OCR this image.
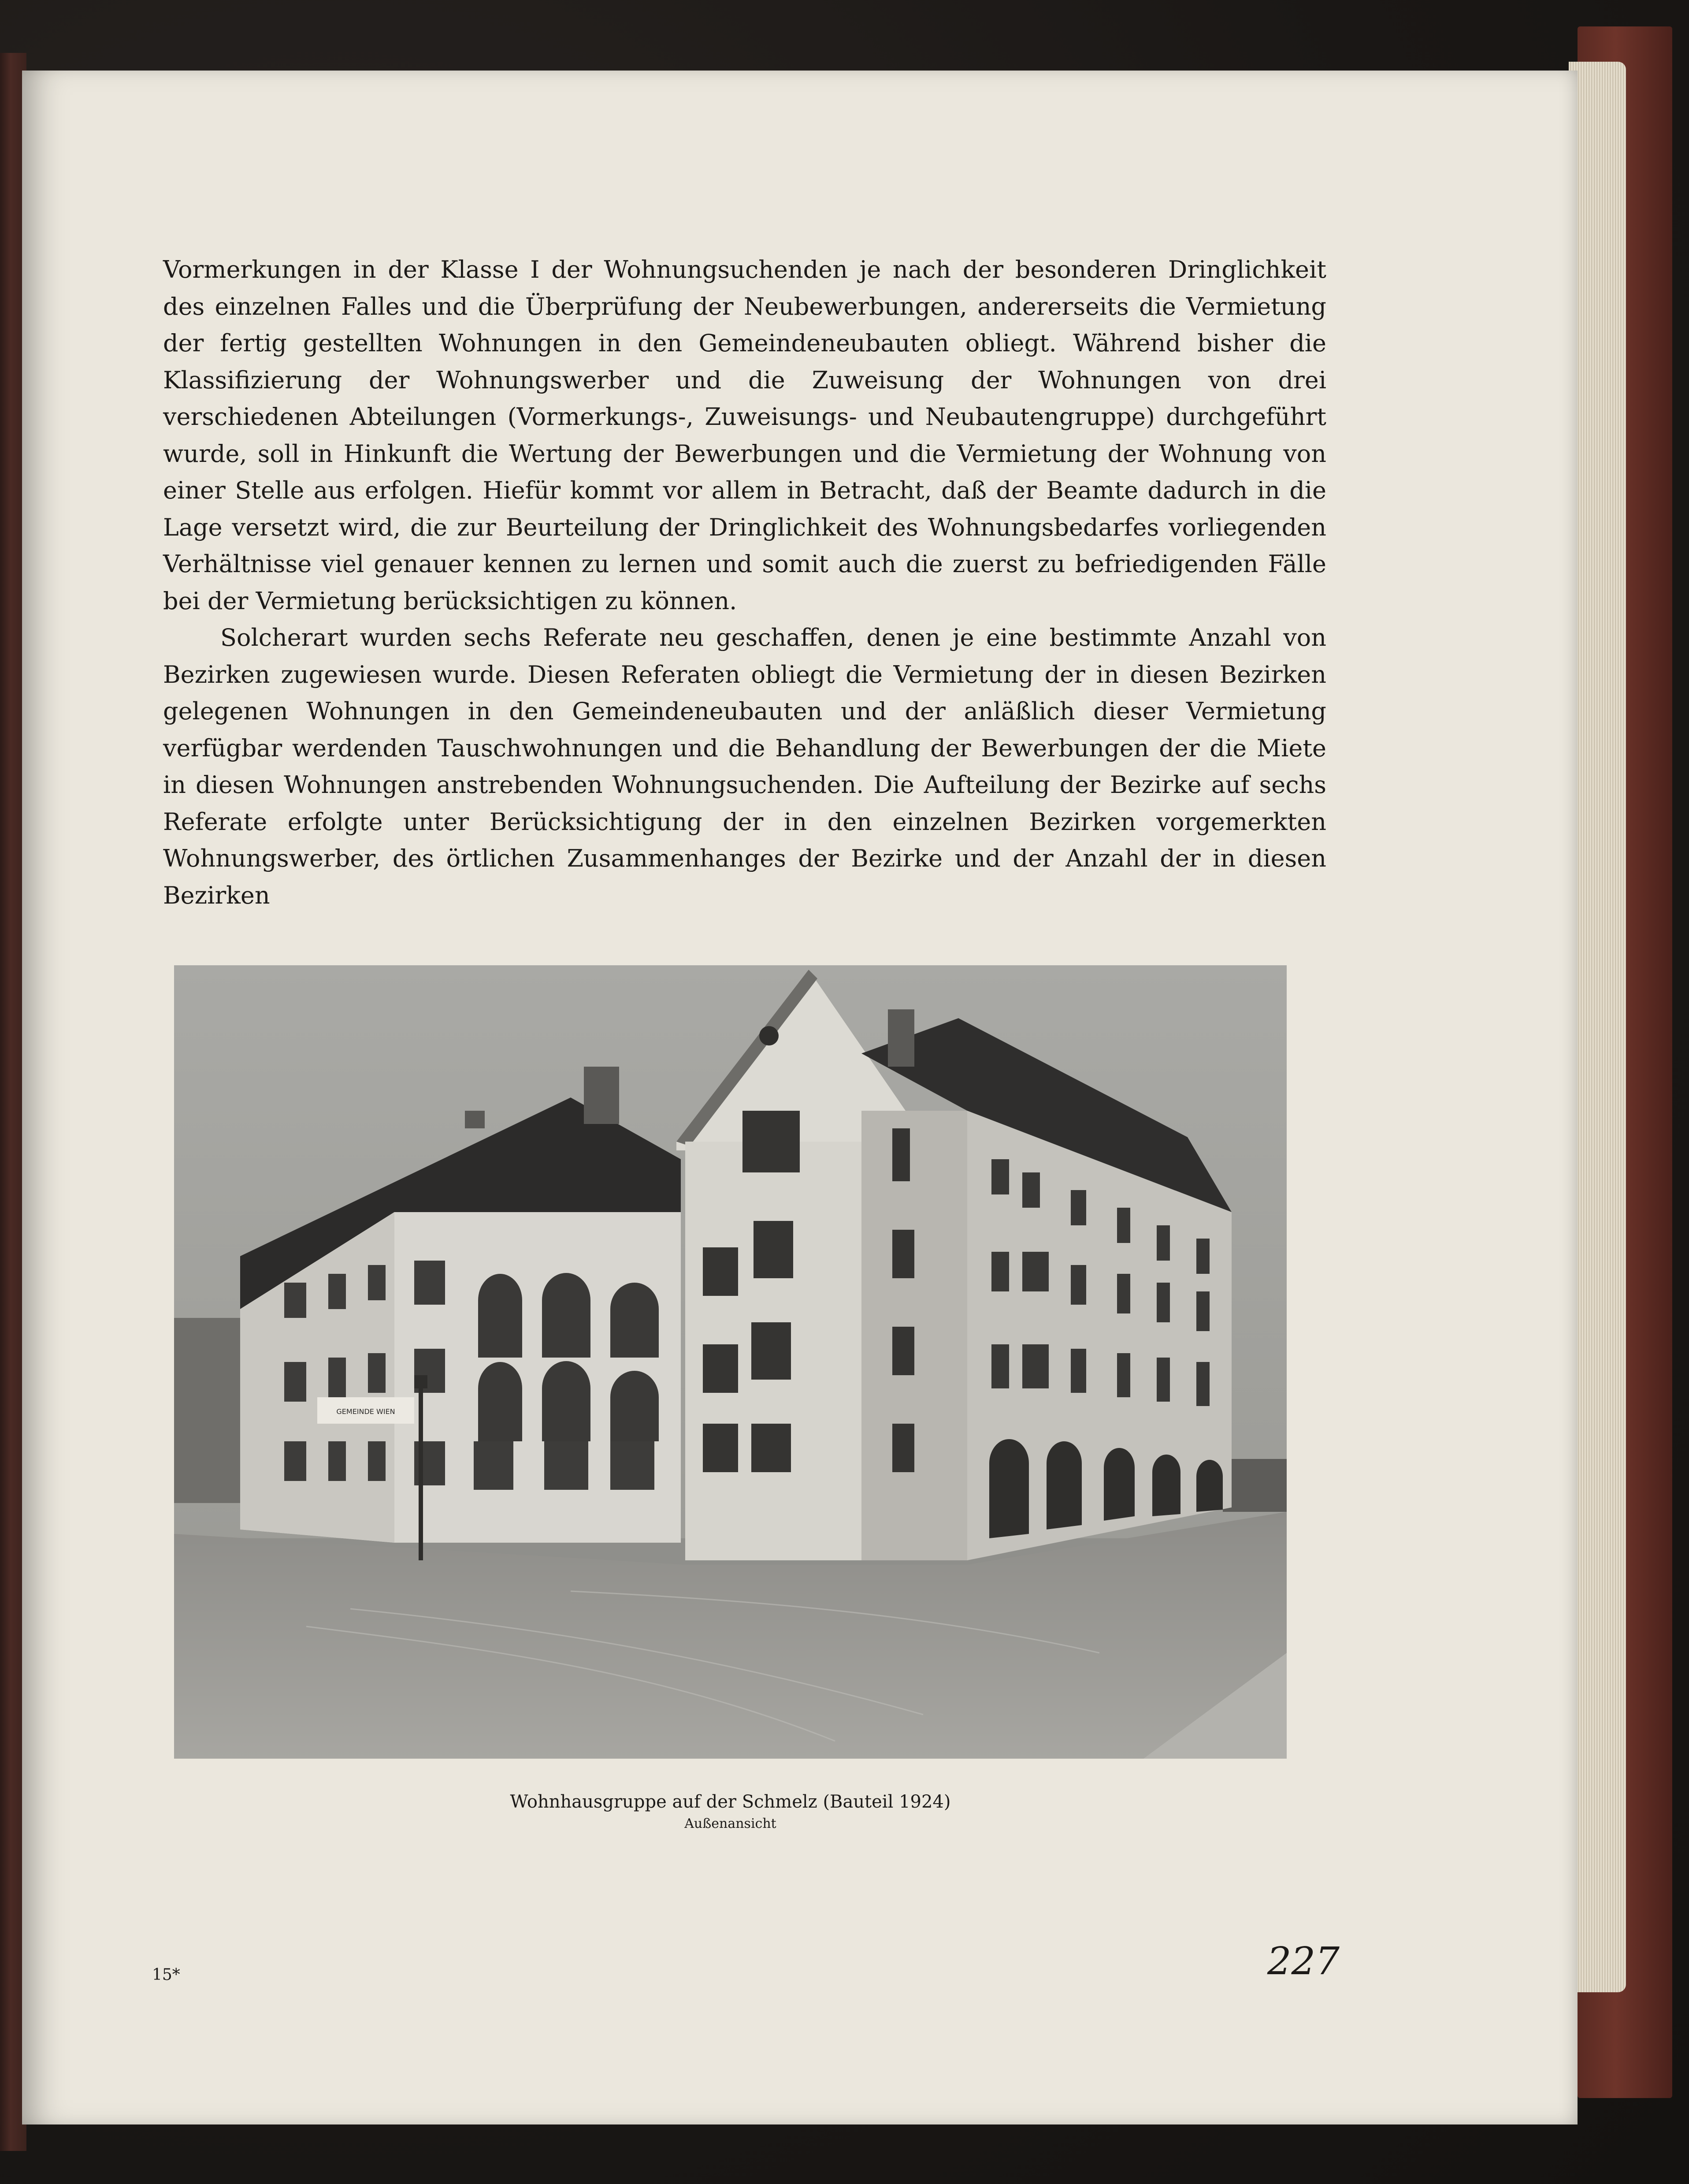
Vormerkungen in der Klasse I der Wohnungsuchenden je nach der besonderen Dringlichkeit des einzelnen Falles und die Überprüfung der Neubewerbungen, andererseits die Vermietung der fertig gestellten Wohnungen in den Gemeindeneubauten obliegt. Während bisher die Klassifizierung der Wohnungswerber und die Zuweisung der Wohnungen von drei verschiedenen Abteilungen (Vormerkungs-, Zuweisungs- und Neubautengruppe) durchgeführt wurde, soll in Hinkunft die Wertung der Bewerbungen und die Vermietung der Wohnung von einer Stelle aus erfolgen. Hiefür kommt vor allem in Betracht, daß der Beamte dadurch in die Lage versetzt wird, die zur Beurteilung der Dringlichkeit des Wohnungsbedarfes vorliegenden Verhältnisse viel genauer kennen zu lernen und somit auch die zuerst zu befriedigenden Fälle bei der Vermietung berücksichtigen zu können.

Solcherart wurden sechs Referate neu geschaffen, denen je eine bestimmte Anzahl von Bezirken zugewiesen wurde. Diesen Referaten obliegt die Vermietung der in diesen Bezirken gelegenen Wohnungen in den Gemeindeneubauten und der anläßlich dieser Vermietung verfügbar werdenden Tauschwohnungen und die Behandlung der Bewerbungen der die Miete in diesen Wohnungen anstrebenden Wohnungsuchenden. Die Aufteilung der Bezirke auf sechs Referate erfolgte unter Berücksichtigung der in den einzelnen Bezirken vorgemerkten Wohnungswerber, des örtlichen Zusammenhanges der Bezirke und der Anzahl der in diesen Bezirken

GEMEINDE WIEN
Wohnhausgruppe auf der Schmelz (Bauteil 1924)
Außenansicht
15*	227
